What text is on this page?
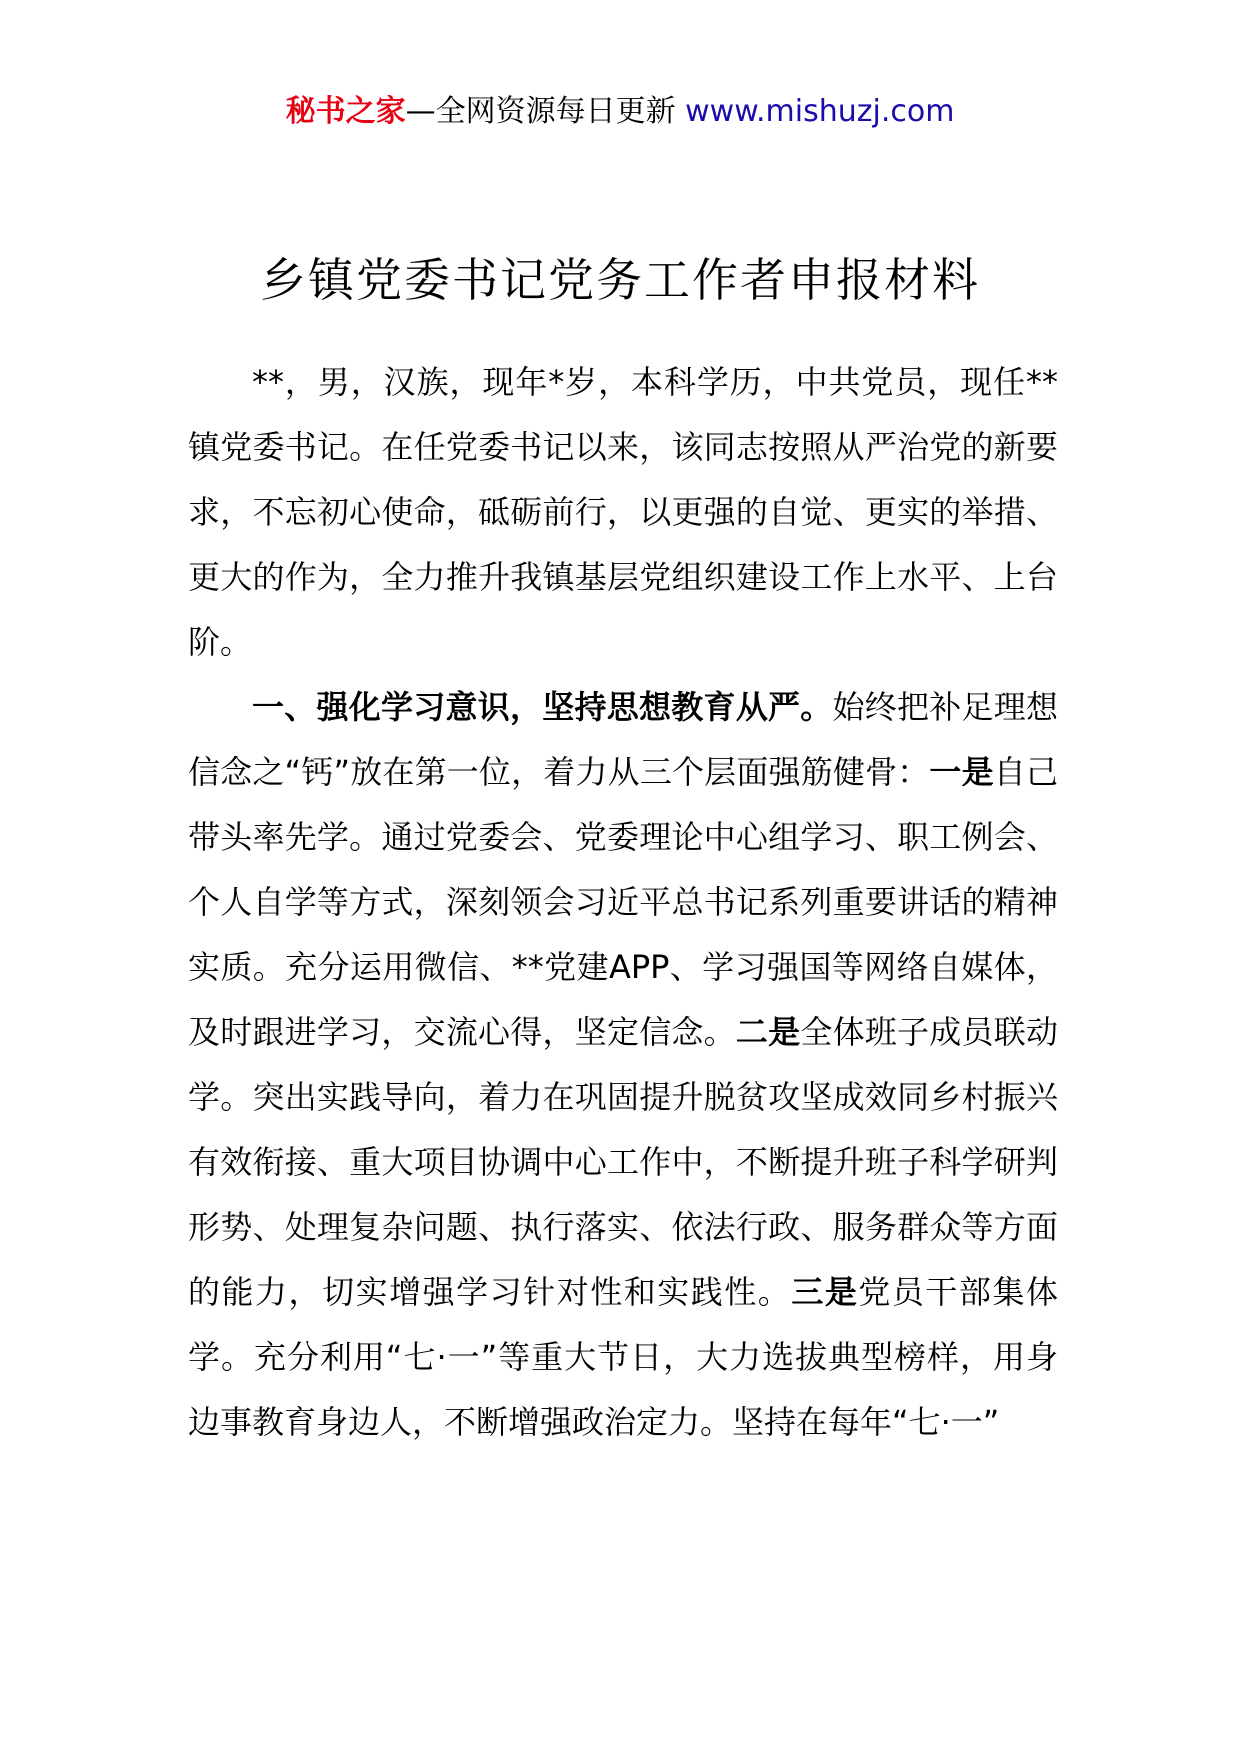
秘书之家—全网资源每日更新 www.mishuzj.com
乡镇党委书记党务工作者申报材料

**，男，汉族，现年*岁，本科学历，中共党员，现任**镇党委书记。在任党委书记以来，该同志按照从严治党的新要求，不忘初心使命，砥砺前行，以更强的自觉、更实的举措、更大的作为，全力推升我镇基层党组织建设工作上水平、上台阶。

一、强化学习意识，坚持思想教育从严。始终把补足理想信念之“钙”放在第一位，着力从三个层面强筋健骨：一是自己带头率先学。通过党委会、党委理论中心组学习、职工例会、个人自学等方式，深刻领会习近平总书记系列重要讲话的精神实质。充分运用微信、**党建APP、学习强国等网络自媒体，及时跟进学习，交流心得，坚定信念。二是全体班子成员联动学。突出实践导向，着力在巩固提升脱贫攻坚成效同乡村振兴有效衔接、重大项目协调中心工作中，不断提升班子科学研判形势、处理复杂问题、执行落实、依法行政、服务群众等方面的能力，切实增强学习针对性和实践性。三是党员干部集体学。充分利用“七·一”等重大节日，大力选拔典型榜样，用身边事教育身边人，不断增强政治定力。坚持在每年“七·一”
